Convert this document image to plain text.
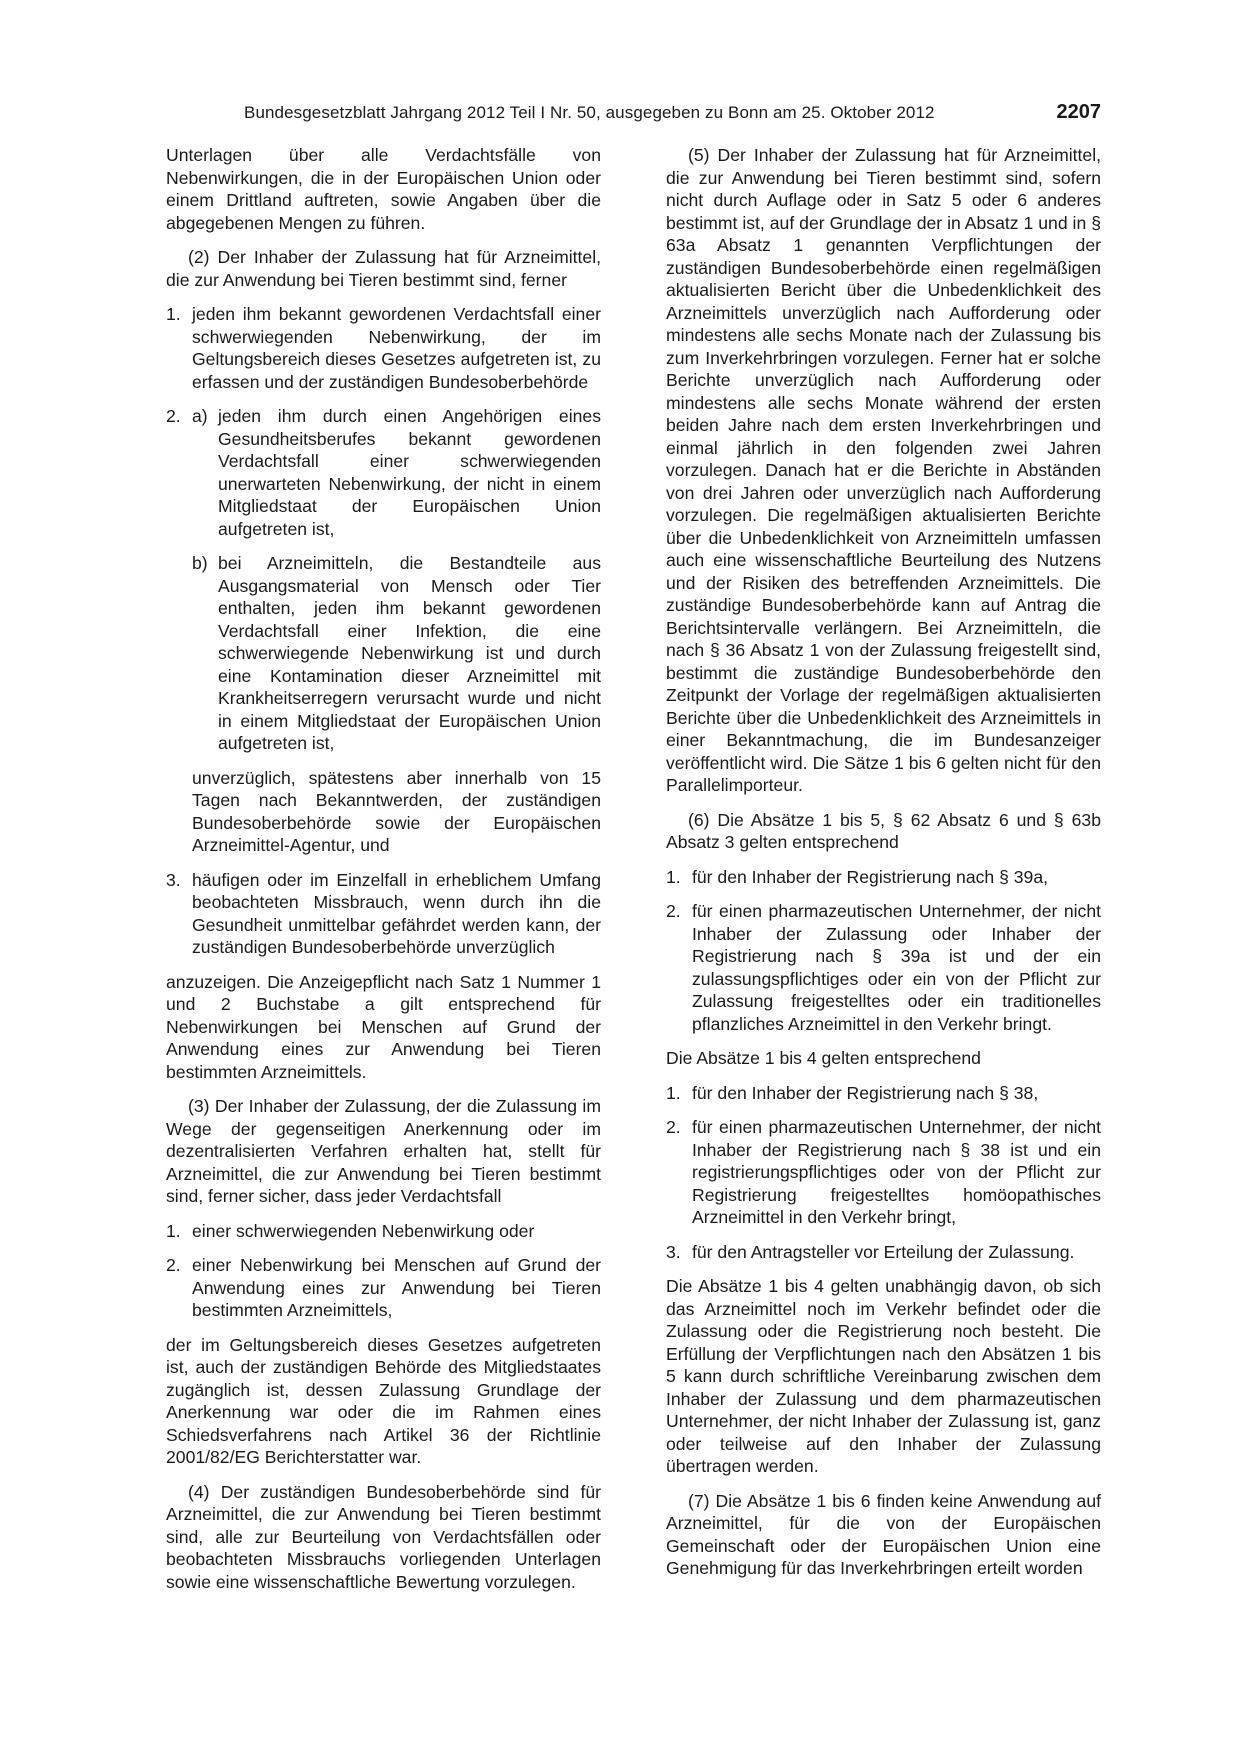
Bundesgesetzblatt Jahrgang 2012 Teil I Nr. 50, ausgegeben zu Bonn am 25. Oktober 2012	2207

Unterlagen über alle Verdachtsfälle von Nebenwirkungen, die in der Europäischen Union oder einem Drittland auftreten, sowie Angaben über die abgegebenen Mengen zu führen.

(2) Der Inhaber der Zulassung hat für Arzneimittel, die zur Anwendung bei Tieren bestimmt sind, ferner

1. jeden ihm bekannt gewordenen Verdachtsfall einer schwerwiegenden Nebenwirkung, der im Geltungsbereich dieses Gesetzes aufgetreten ist, zu erfassen und der zuständigen Bundesoberbehörde
2. a) jeden ihm durch einen Angehörigen eines Gesundheitsberufes bekannt gewordenen Verdachtsfall einer schwerwiegenden unerwarteten Nebenwirkung, der nicht in einem Mitgliedstaat der Europäischen Union aufgetreten ist,
b) bei Arzneimitteln, die Bestandteile aus Ausgangsmaterial von Mensch oder Tier enthalten, jeden ihm bekannt gewordenen Verdachtsfall einer Infektion, die eine schwerwiegende Nebenwirkung ist und durch eine Kontamination dieser Arzneimittel mit Krankheitserregern verursacht wurde und nicht in einem Mitgliedstaat der Europäischen Union aufgetreten ist,
unverzüglich, spätestens aber innerhalb von 15 Tagen nach Bekanntwerden, der zuständigen Bundesoberbehörde sowie der Europäischen Arzneimittel-Agentur, und
3. häufigen oder im Einzelfall in erheblichem Umfang beobachteten Missbrauch, wenn durch ihn die Gesundheit unmittelbar gefährdet werden kann, der zuständigen Bundesoberbehörde unverzüglich

anzuzeigen. Die Anzeigepflicht nach Satz 1 Nummer 1 und 2 Buchstabe a gilt entsprechend für Nebenwirkungen bei Menschen auf Grund der Anwendung eines zur Anwendung bei Tieren bestimmten Arzneimittels.

(3) Der Inhaber der Zulassung, der die Zulassung im Wege der gegenseitigen Anerkennung oder im dezentralisierten Verfahren erhalten hat, stellt für Arzneimittel, die zur Anwendung bei Tieren bestimmt sind, ferner sicher, dass jeder Verdachtsfall

1. einer schwerwiegenden Nebenwirkung oder
2. einer Nebenwirkung bei Menschen auf Grund der Anwendung eines zur Anwendung bei Tieren bestimmten Arzneimittels,

der im Geltungsbereich dieses Gesetzes aufgetreten ist, auch der zuständigen Behörde des Mitgliedstaates zugänglich ist, dessen Zulassung Grundlage der Anerkennung war oder die im Rahmen eines Schiedsverfahrens nach Artikel 36 der Richtlinie 2001/82/EG Berichterstatter war.

(4) Der zuständigen Bundesoberbehörde sind für Arzneimittel, die zur Anwendung bei Tieren bestimmt sind, alle zur Beurteilung von Verdachtsfällen oder beobachteten Missbrauchs vorliegenden Unterlagen sowie eine wissenschaftliche Bewertung vorzulegen.

(5) Der Inhaber der Zulassung hat für Arzneimittel, die zur Anwendung bei Tieren bestimmt sind, sofern nicht durch Auflage oder in Satz 5 oder 6 anderes bestimmt ist, auf der Grundlage der in Absatz 1 und in § 63a Absatz 1 genannten Verpflichtungen der zuständigen Bundesoberbehörde einen regelmäßigen aktualisierten Bericht über die Unbedenklichkeit des Arzneimittels unverzüglich nach Aufforderung oder mindestens alle sechs Monate nach der Zulassung bis zum Inverkehrbringen vorzulegen. Ferner hat er solche Berichte unverzüglich nach Aufforderung oder mindestens alle sechs Monate während der ersten beiden Jahre nach dem ersten Inverkehrbringen und einmal jährlich in den folgenden zwei Jahren vorzulegen. Danach hat er die Berichte in Abständen von drei Jahren oder unverzüglich nach Aufforderung vorzulegen. Die regelmäßigen aktualisierten Berichte über die Unbedenklichkeit von Arzneimitteln umfassen auch eine wissenschaftliche Beurteilung des Nutzens und der Risiken des betreffenden Arzneimittels. Die zuständige Bundesoberbehörde kann auf Antrag die Berichtsintervalle verlängern. Bei Arzneimitteln, die nach § 36 Absatz 1 von der Zulassung freigestellt sind, bestimmt die zuständige Bundesoberbehörde den Zeitpunkt der Vorlage der regelmäßigen aktualisierten Berichte über die Unbedenklichkeit des Arzneimittels in einer Bekanntmachung, die im Bundesanzeiger veröffentlicht wird. Die Sätze 1 bis 6 gelten nicht für den Parallelimporteur.

(6) Die Absätze 1 bis 5, § 62 Absatz 6 und § 63b Absatz 3 gelten entsprechend

1. für den Inhaber der Registrierung nach § 39a,
2. für einen pharmazeutischen Unternehmer, der nicht Inhaber der Zulassung oder Inhaber der Registrierung nach § 39a ist und der ein zulassungspflichtiges oder ein von der Pflicht zur Zulassung freigestelltes oder ein traditionelles pflanzliches Arzneimittel in den Verkehr bringt.

Die Absätze 1 bis 4 gelten entsprechend

1. für den Inhaber der Registrierung nach § 38,
2. für einen pharmazeutischen Unternehmer, der nicht Inhaber der Registrierung nach § 38 ist und ein registrierungspflichtiges oder von der Pflicht zur Registrierung freigestelltes homöopathisches Arzneimittel in den Verkehr bringt,
3. für den Antragsteller vor Erteilung der Zulassung.

Die Absätze 1 bis 4 gelten unabhängig davon, ob sich das Arzneimittel noch im Verkehr befindet oder die Zulassung oder die Registrierung noch besteht. Die Erfüllung der Verpflichtungen nach den Absätzen 1 bis 5 kann durch schriftliche Vereinbarung zwischen dem Inhaber der Zulassung und dem pharmazeutischen Unternehmer, der nicht Inhaber der Zulassung ist, ganz oder teilweise auf den Inhaber der Zulassung übertragen werden.

(7) Die Absätze 1 bis 6 finden keine Anwendung auf Arzneimittel, für die von der Europäischen Gemeinschaft oder der Europäischen Union eine Genehmigung für das Inverkehrbringen erteilt worden
